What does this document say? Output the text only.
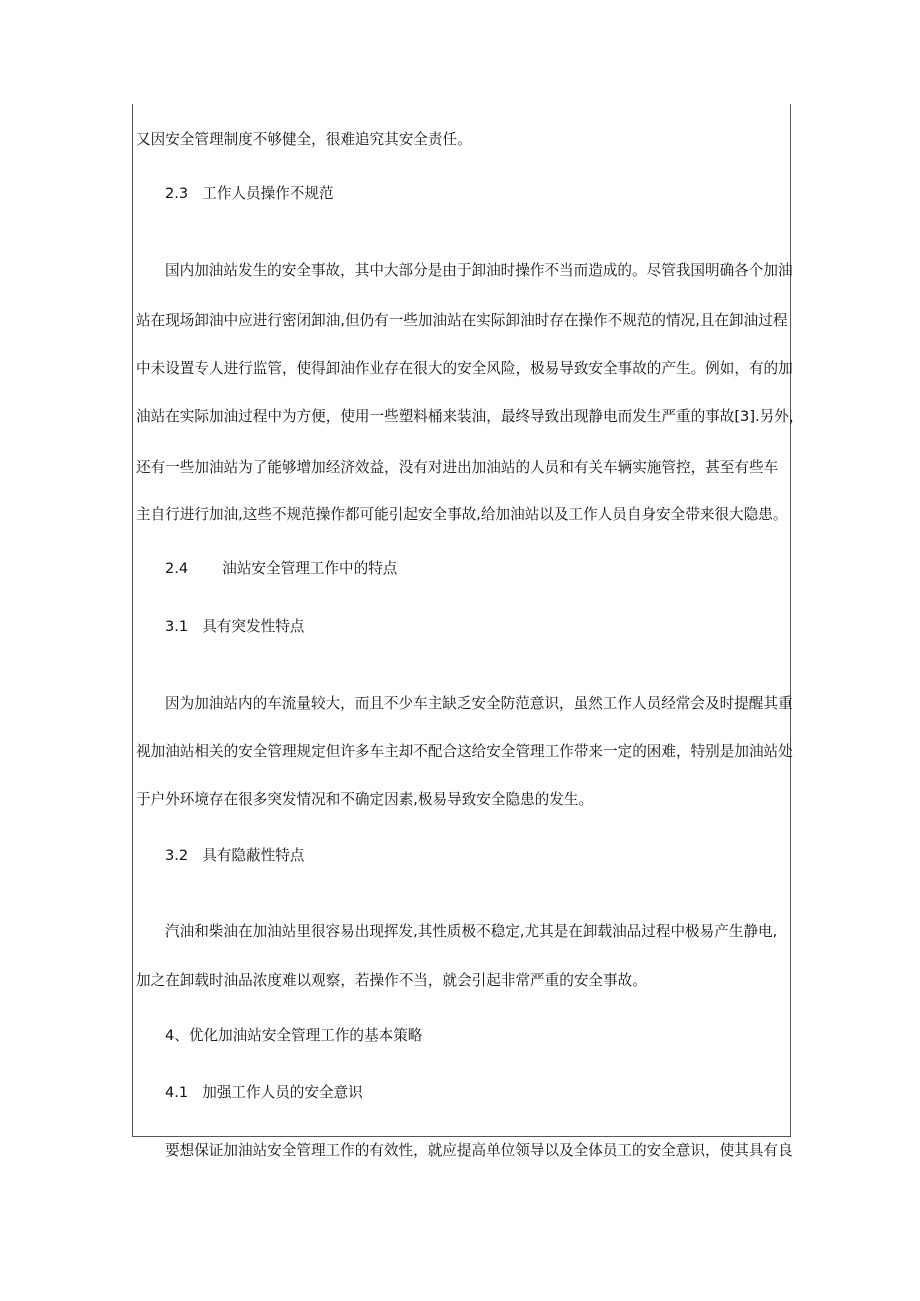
又因安全管理制度不够健全，很难追究其安全责任。
2.3 工作人员操作不规范
国内加油站发生的安全事故，其中大部分是由于卸油时操作不当而造成的。尽管我国明确各个加油
站在现场卸油中应进行密闭卸油,但仍有一些加油站在实际卸油时存在操作不规范的情况,且在卸油过程
中未设置专人进行监管，使得卸油作业存在很大的安全风险，极易导致安全事故的产生。例如，有的加
油站在实际加油过程中为方便，使用一些塑料桶来装油，最终导致出现静电而发生严重的事故[3].另外，
还有一些加油站为了能够增加经济效益，没有对进出加油站的人员和有关车辆实施管控，甚至有些车
主自行进行加油,这些不规范操作都可能引起安全事故,给加油站以及工作人员自身安全带来很大隐患。
2.4 油站安全管理工作中的特点
3.1 具有突发性特点
因为加油站内的车流量较大，而且不少车主缺乏安全防范意识，虽然工作人员经常会及时提醒其重
视加油站相关的安全管理规定但许多车主却不配合这给安全管理工作带来一定的困难，特别是加油站处
于户外环境存在很多突发情况和不确定因素,极易导致安全隐患的发生。
3.2 具有隐蔽性特点
汽油和柴油在加油站里很容易出现挥发,其性质极不稳定,尤其是在卸载油品过程中极易产生静电,
加之在卸载时油品浓度难以观察，若操作不当，就会引起非常严重的安全事故。
4、优化加油站安全管理工作的基本策略
4.1 加强工作人员的安全意识
要想保证加油站安全管理工作的有效性，就应提高单位领导以及全体员工的安全意识，使其具有良
